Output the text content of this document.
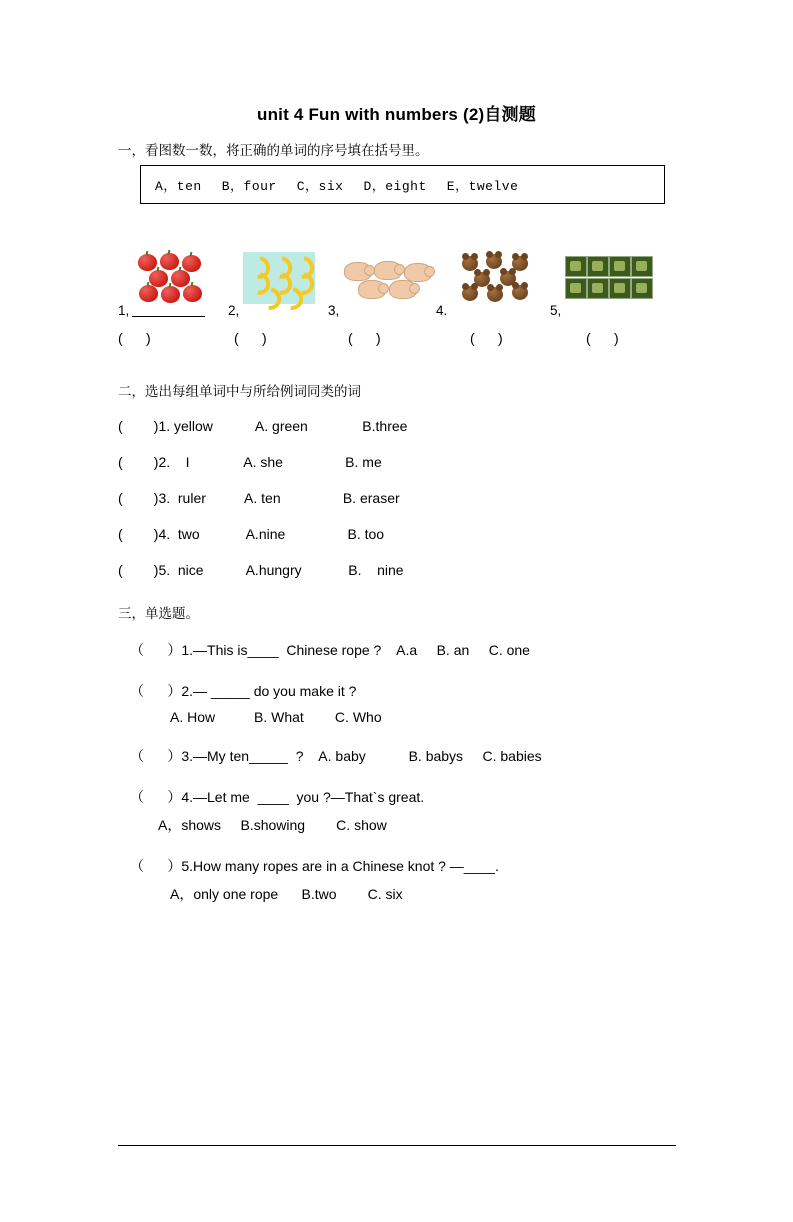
unit 4 Fun with numbers (2)自测题
一，看图数一数，将正确的单词的序号填在括号里。
A，ten B，four C，six D，eight E，twelve
1,	2,	3,	4.	5,
(      )	(      )	(      )	(      )	(      )
二，选出每组单词中与所给例词同类的词
(        )1. yellow           A. green              B.three
(        )2.    I              A. she                B. me
(        )3.  ruler          A. ten                B. eraser
(        )4.  two            A.nine                B. too
(        )5.  nice           A.hungry            B.    nine
三，单选题。
（      ）1.—This is____  Chinese rope ?    A.a     B. an     C. one
（      ）2.— _____ do you make it ?
A. How          B. What        C. Who
（      ）3.—My ten_____  ?    A. baby           B. babys     C. babies
（      ）4.—Let me  ____  you ?—That`s great.
A，shows     B.showing        C. show
（      ）5.How many ropes are in a Chinese knot ? —____.
A，only one rope      B.two        C. six
